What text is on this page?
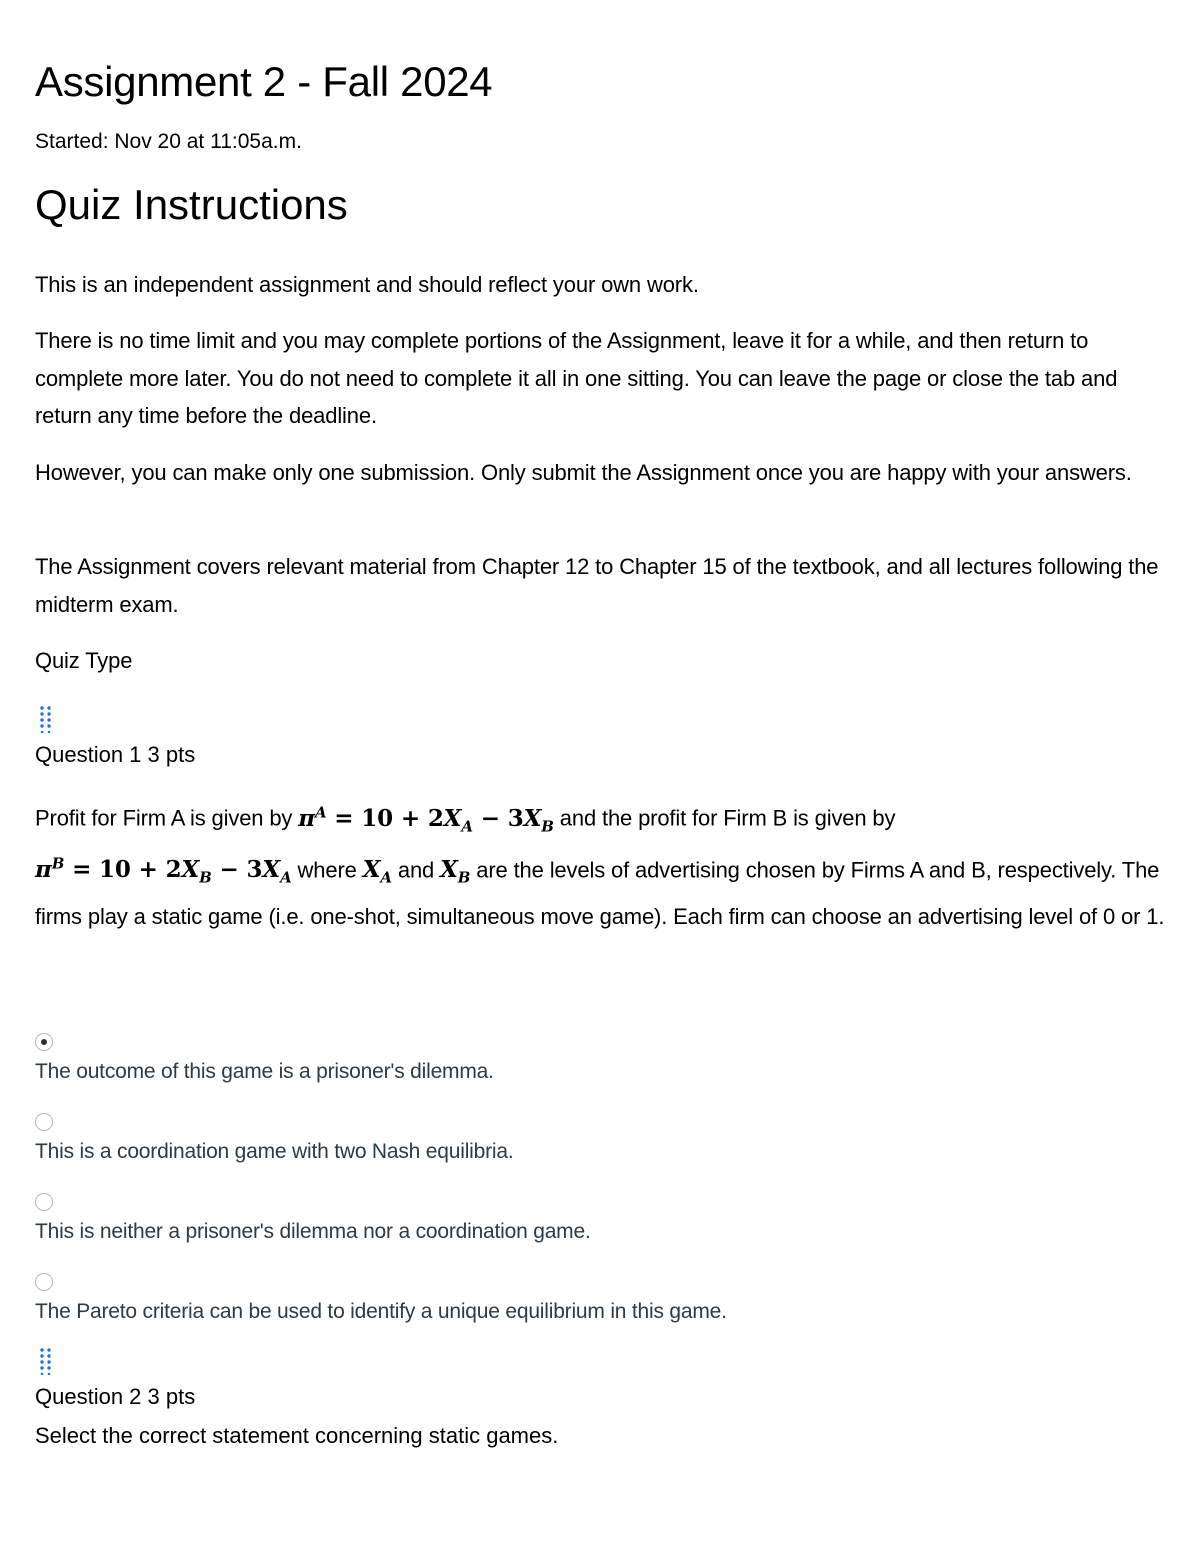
Assignment 2 - Fall 2024
Started: Nov 20 at 11:05a.m.
Quiz Instructions

This is an independent assignment and should reflect your own work.

There is no time limit and you may complete portions of the Assignment, leave it for a while, and then return to complete more later. You do not need to complete it all in one sitting. You can leave the page or close the tab and return any time before the deadline.

However, you can make only one submission. Only submit the Assignment once you are happy with your answers.

The Assignment covers relevant material from Chapter 12 to Chapter 15 of the textbook, and all lectures following the midterm exam.

Quiz Type

Question 1 3 pts
Profit for Firm A is given by $\pi^A = 10 + 2X_A - 3X_B$ and the profit for Firm B is given by
$\pi^B = 10 + 2X_B - 3X_A$ where $X_A$ and $X_B$ are the levels of advertising chosen by Firms A and B, respectively. The firms play a static game (i.e. one-shot, simultaneous move game). Each firm can choose an advertising level of 0 or 1.
The outcome of this game is a prisoner's dilemma.
This is a coordination game with two Nash equilibria.
This is neither a prisoner's dilemma nor a coordination game.
The Pareto criteria can be used to identify a unique equilibrium in this game.
Question 2 3 pts
Select the correct statement concerning static games.
